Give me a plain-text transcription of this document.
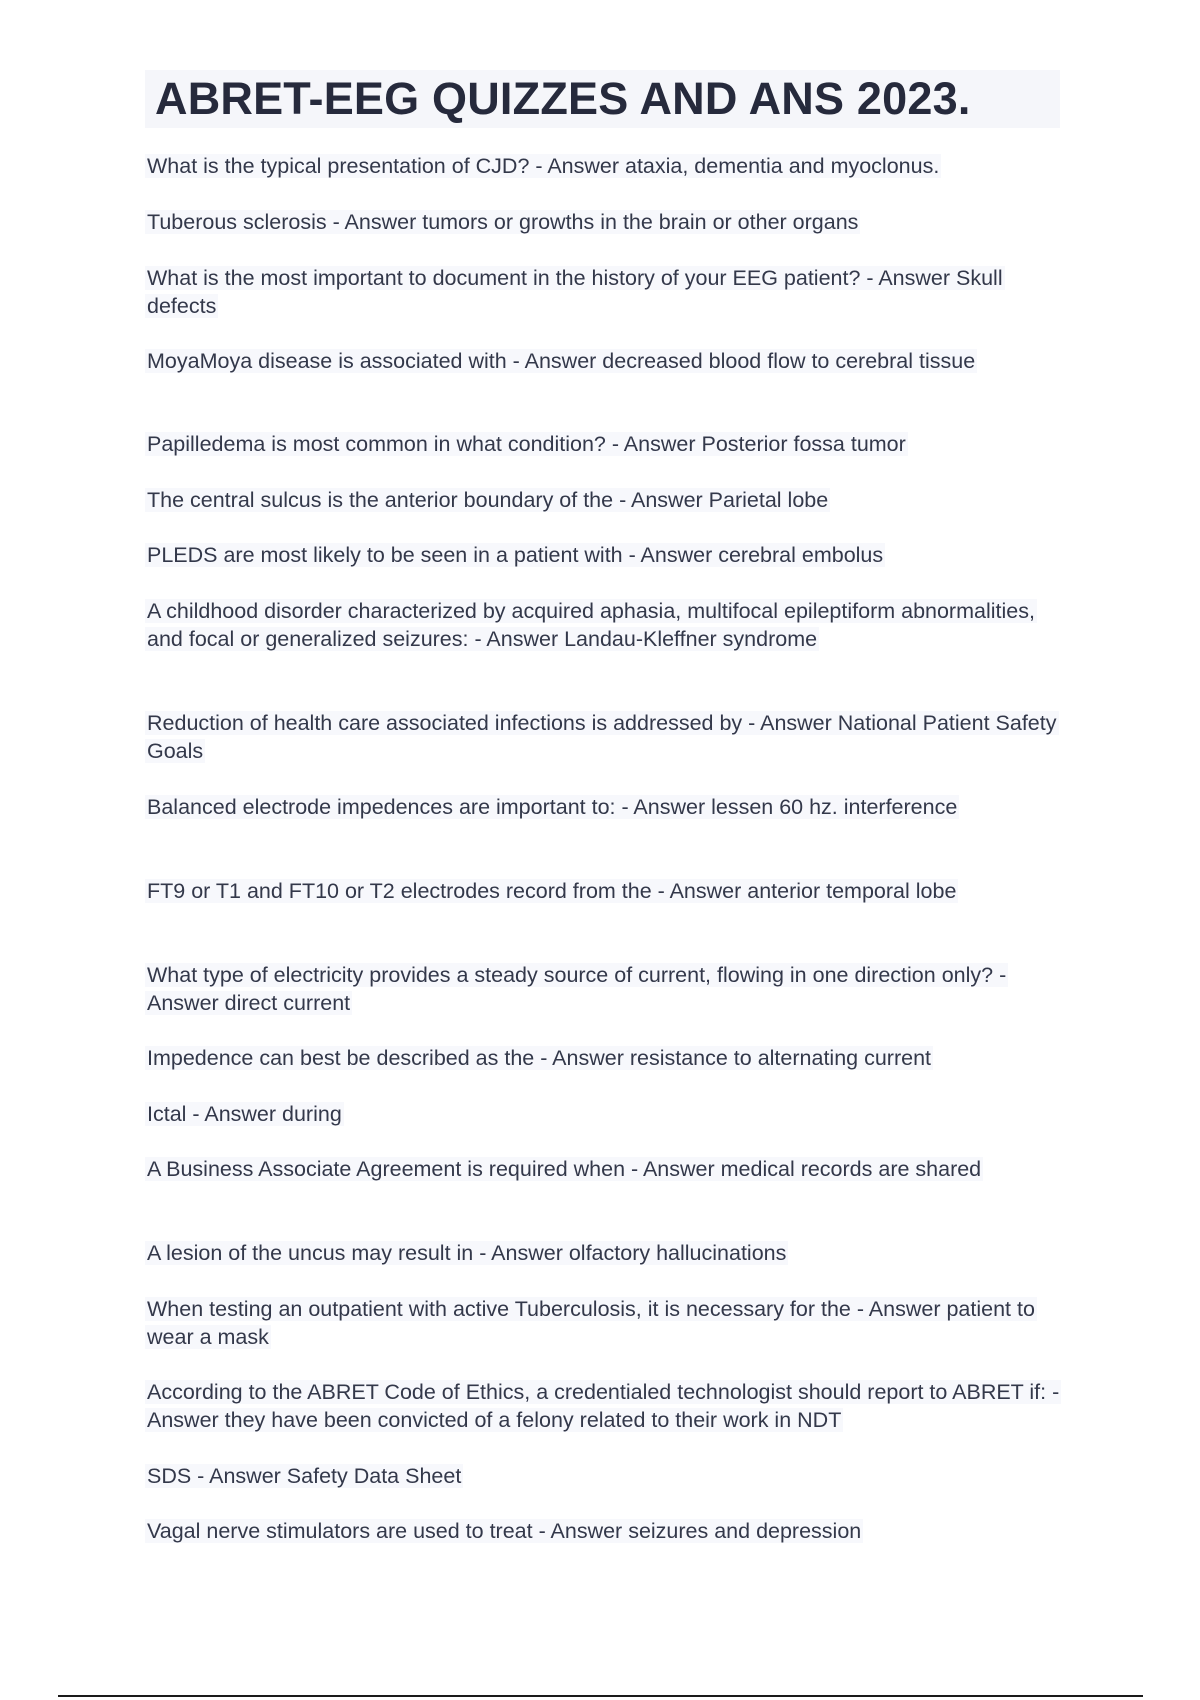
ABRET-EEG QUIZZES AND ANS 2023.
What is the typical presentation of CJD? - Answer ataxia, dementia and myoclonus.
Tuberous sclerosis - Answer tumors or growths in the brain or other organs
What is the most important to document in the history of your EEG patient? - Answer Skull defects
MoyaMoya disease is associated with - Answer decreased blood flow to cerebral tissue
Papilledema is most common in what condition? - Answer Posterior fossa tumor
The central sulcus is the anterior boundary of the - Answer Parietal lobe
PLEDS are most likely to be seen in a patient with - Answer cerebral embolus
A childhood disorder characterized by acquired aphasia, multifocal epileptiform abnormalities, and focal or generalized seizures: - Answer Landau-Kleffner syndrome
Reduction of health care associated infections is addressed by - Answer National Patient Safety Goals
Balanced electrode impedences are important to: - Answer lessen 60 hz. interference
FT9 or T1 and FT10 or T2 electrodes record from the - Answer anterior temporal lobe
What type of electricity provides a steady source of current, flowing in one direction only? - Answer direct current
Impedence can best be described as the - Answer resistance to alternating current
Ictal - Answer during
A Business Associate Agreement is required when - Answer medical records are shared
A lesion of the uncus may result in - Answer olfactory hallucinations
When testing an outpatient with active Tuberculosis, it is necessary for the - Answer patient to wear a mask
According to the ABRET Code of Ethics, a credentialed technologist should report to ABRET if: - Answer they have been convicted of a felony related to their work in NDT
SDS - Answer Safety Data Sheet
Vagal nerve stimulators are used to treat - Answer seizures and depression
